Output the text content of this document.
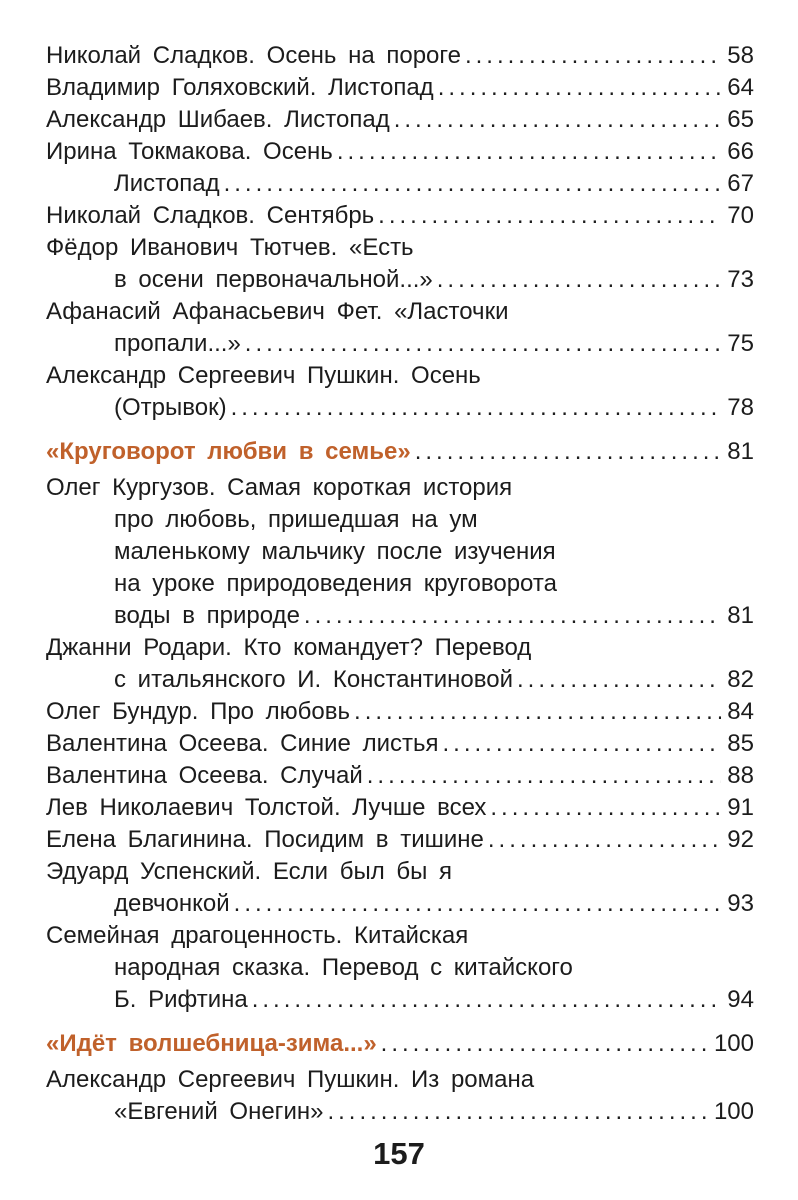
Николай Сладков. Осень на пороге .....	58
Владимир Голяховский. Листопад .....	64
Александр Шибаев. Листопад .....	65
Ирина Токмакова. Осень .....	66
Листопад .....	67
Николай Сладков. Сентябрь .....	70
Фёдор Иванович Тютчев. «Есть
в осени первоначальной...» .....	73
Афанасий Афанасьевич Фет. «Ласточки
пропали...» .....	75
Александр Сергеевич Пушкин. Осень
(Отрывок) .....	78
«Круговорот любви в семье» .....	81
Олег Кургузов. Самая короткая история
про любовь, пришедшая на ум
маленькому мальчику после изучения
на уроке природоведения круговорота
воды в природе .....	81
Джанни Родари. Кто командует? Перевод
с итальянского И. Константиновой .....	82
Олег Бундур. Про любовь .....	84
Валентина Осеева. Синие листья .....	85
Валентина Осеева. Случай .....	88
Лев Николаевич Толстой. Лучше всех .....	91
Елена Благинина. Посидим в тишине .....	92
Эдуард Успенский. Если был бы я
девчонкой .....	93
Семейная драгоценность. Китайская
народная сказка. Перевод с китайского
Б. Рифтина .....	94
«Идёт волшебница-зима...» .....	100
Александр Сергеевич Пушкин. Из романа
«Евгений Онегин» .....	100
157
